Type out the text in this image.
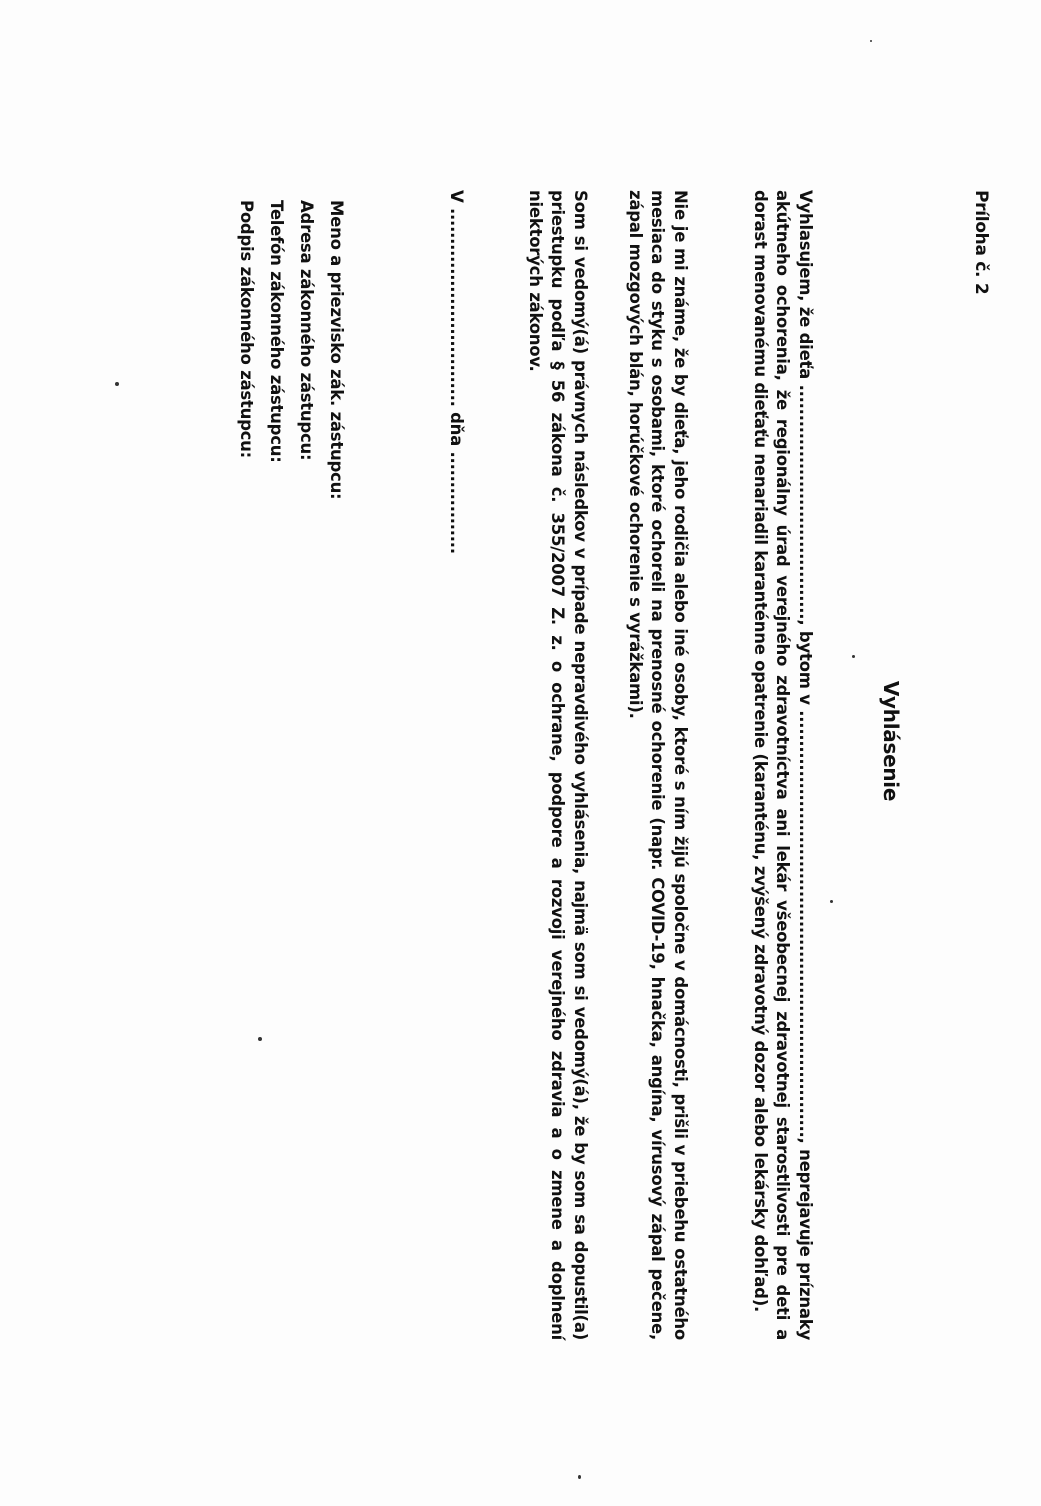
Príloha č. 2
Vyhlásenie
Vyhlasujem, že dieťa ......................................., bytom v ......................................................................., neprejavuje príznaky akútneho ochorenia, že regionálny úrad verejného zdravotníctva ani lekár všeobecnej zdravotnej starostlivosti pre deti a dorast menovanému dieťaťu nenariadil karanténne opatrenie (karanténu, zvýšený zdravotný dozor alebo lekársky dohľad).
Nie je mi známe, že by dieťa, jeho rodičia alebo iné osoby, ktoré s ním žijú spoločne v domácnosti, prišli v priebehu ostatného mesiaca do styku s osobami, ktoré ochoreli na prenosné ochorenie (napr. COVID-19, hnačka, angína, vírusový zápal pečene, zápal mozgových blán, horúčkové ochorenie s vyrážkami).
Som si vedomý(á) právnych následkov v prípade nepravdivého vyhlásenia, najmä som si vedomý(á), že by som sa dopustil(a) priestupku podľa § 56 zákona č. 355/2007 Z. z. o ochrane, podpore a rozvoji verejného zdravia a o zmene a doplnení niektorých zákonov.
V ................................. dňa .................
Meno a priezvisko zák. zástupcu:
Adresa zákonného zástupcu:
Telefón zákonného zástupcu:
Podpis zákonného zástupcu:
